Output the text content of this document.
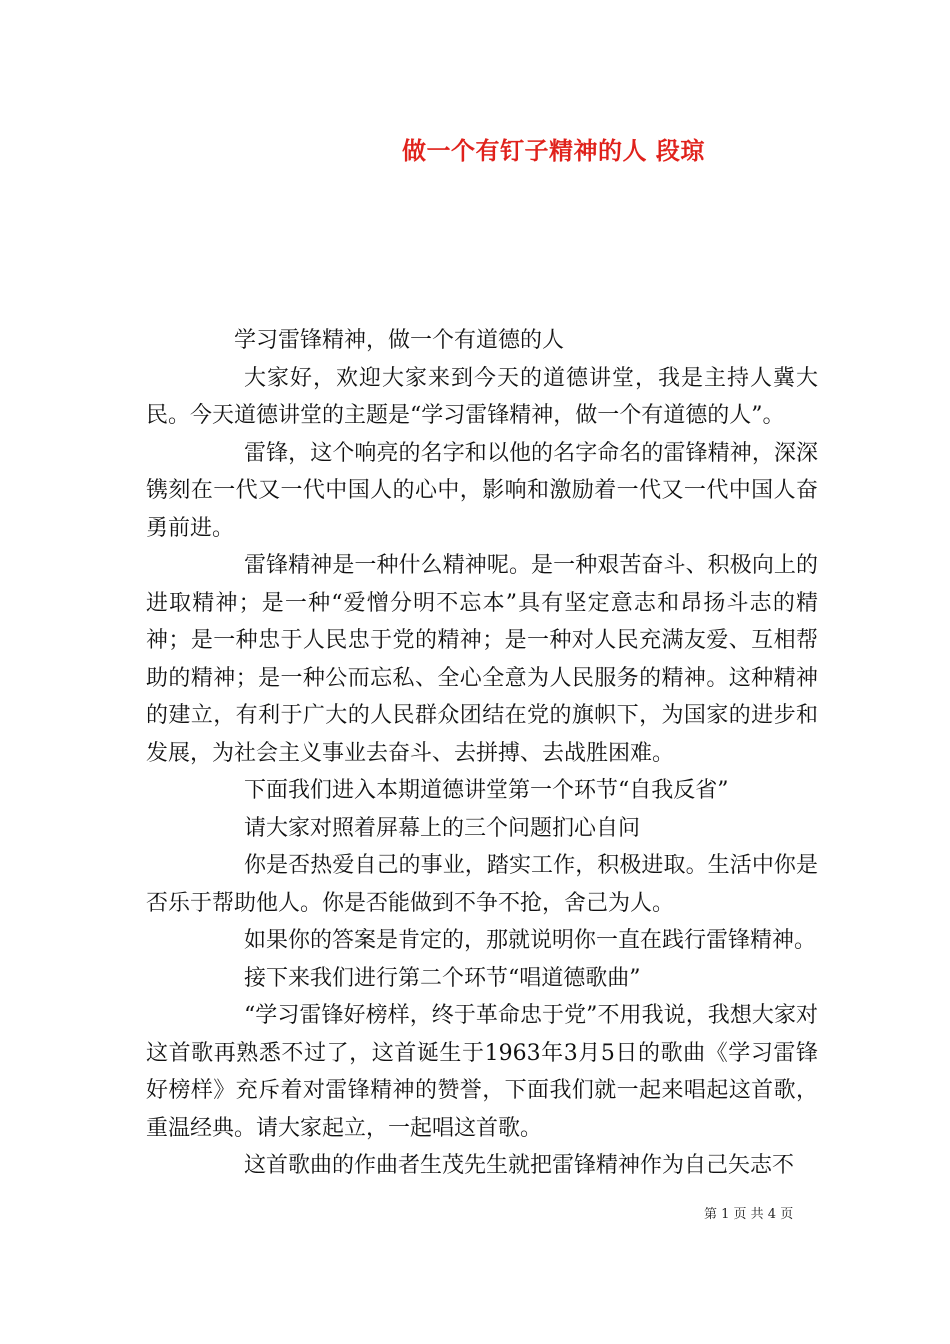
做一个有钉子精神的人 段琼

学习雷锋精神，做一个有道德的人

大家好，欢迎大家来到今天的道德讲堂，我是主持人冀大民。今天道德讲堂的主题是“学习雷锋精神，做一个有道德的人”。

雷锋，这个响亮的名字和以他的名字命名的雷锋精神，深深镌刻在一代又一代中国人的心中，影响和激励着一代又一代中国人奋勇前进。

雷锋精神是一种什么精神呢。是一种艰苦奋斗、积极向上的进取精神；是一种“爱憎分明不忘本”具有坚定意志和昂扬斗志的精神；是一种忠于人民忠于党的精神；是一种对人民充满友爱、互相帮助的精神；是一种公而忘私、全心全意为人民服务的精神。这种精神的建立，有利于广大的人民群众团结在党的旗帜下，为国家的进步和发展，为社会主义事业去奋斗、去拼搏、去战胜困难。

下面我们进入本期道德讲堂第一个环节“自我反省”

请大家对照着屏幕上的三个问题扪心自问

你是否热爱自己的事业，踏实工作，积极进取。生活中你是否乐于帮助他人。你是否能做到不争不抢，舍己为人。

如果你的答案是肯定的，那就说明你一直在践行雷锋精神。

接下来我们进行第二个环节“唱道德歌曲”

“学习雷锋好榜样，终于革命忠于党”不用我说，我想大家对这首歌再熟悉不过了，这首诞生于1963年3月5日的歌曲《学习雷锋好榜样》充斥着对雷锋精神的赞誉，下面我们就一起来唱起这首歌，重温经典。请大家起立，一起唱这首歌。

这首歌曲的作曲者生茂先生就把雷锋精神作为自己矢志不

第 1 页 共 4 页
